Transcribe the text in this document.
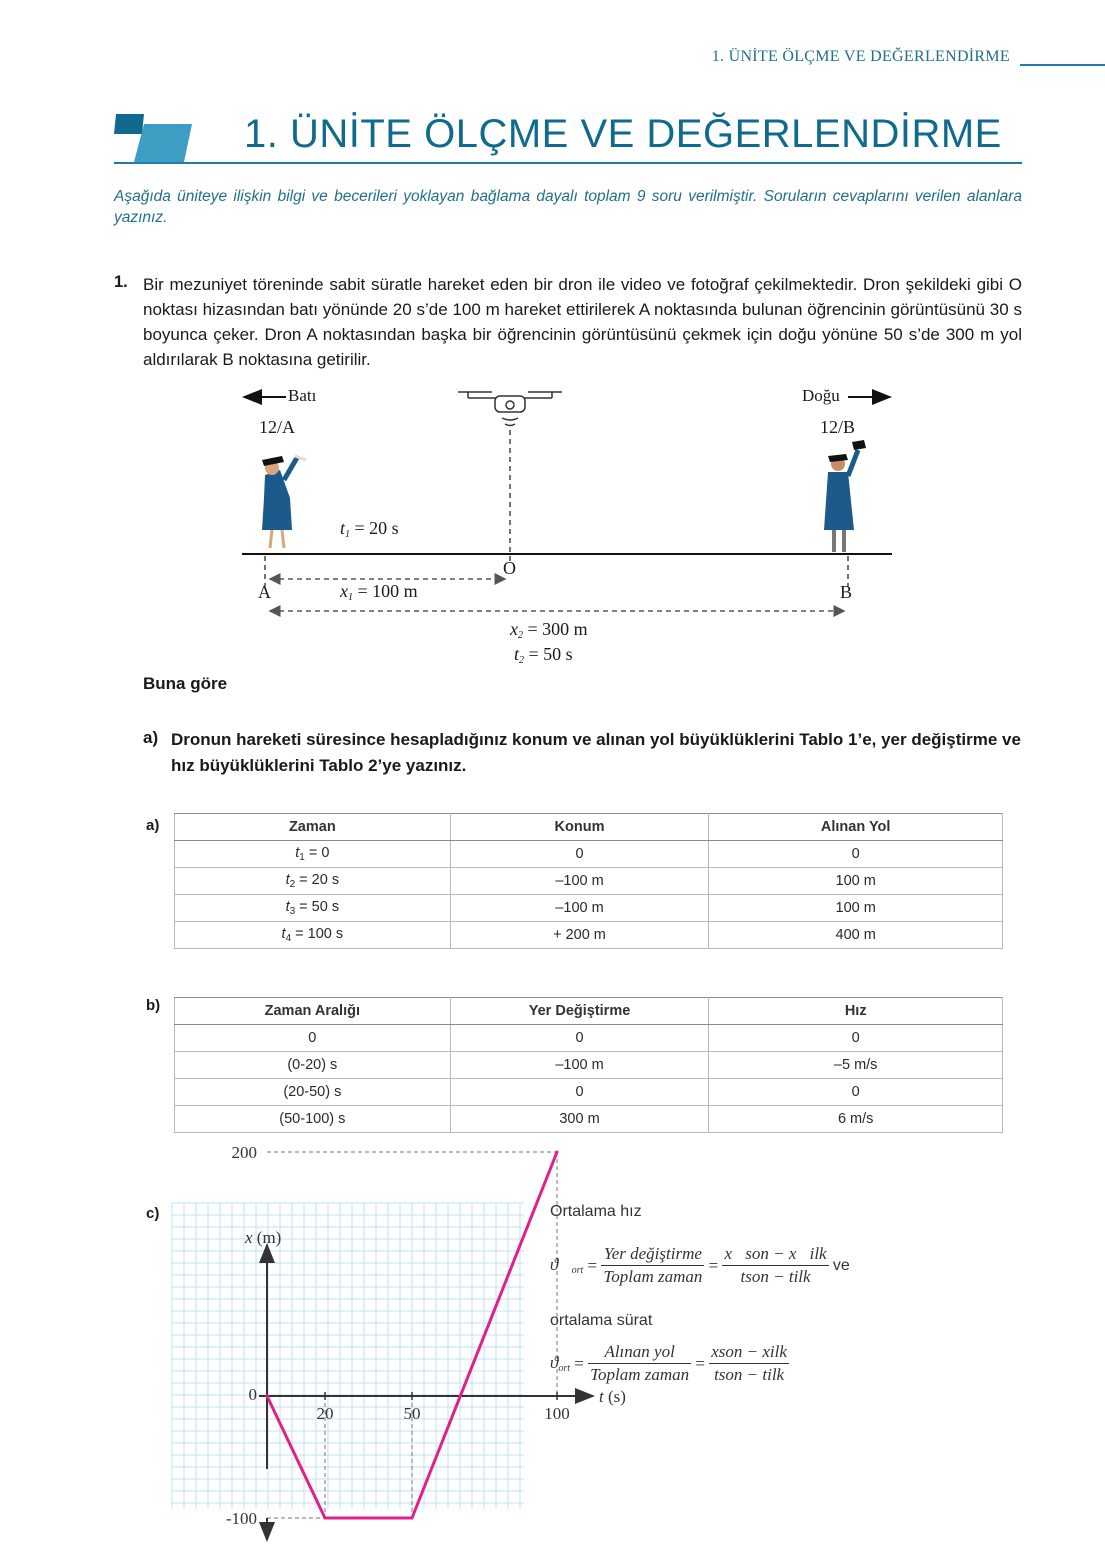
1. ÜNİTE ÖLÇME VE DEĞERLENDİRME
1. ÜNİTE ÖLÇME VE DEĞERLENDİRME
Aşağıda üniteye ilişkin bilgi ve becerileri yoklayan bağlama dayalı toplam 9 soru verilmiştir. Soruların cevaplarını verilen alanlara yazınız.
1. Bir mezuniyet töreninde sabit süratle hareket eden bir dron ile video ve fotoğraf çekilmektedir. Dron şekildeki gibi O noktası hizasından batı yönünde 20 s’de 100 m hareket ettirilerek A noktasında bulunan öğrencinin görüntüsünü 30 s boyunca çeker. Dron A noktasından başka bir öğrencinin görüntüsünü çekmek için doğu yönüne 50 s’de 300 m yol aldırılarak B noktasına getirilir.
Batı	Doğu
12/A	12/B
$t_1 = 20$ s
O
A	B
$x_1 = 100$ m
$x_2 = 300$ m
$t_2 = 50$ s
Buna göre
a) Dronun hareketi süresince hesapladığınız konum ve alınan yol büyüklüklerini Tablo 1’e, yer değiştirme ve hız büyüklüklerini Tablo 2’ye yazınız.
a)	Zaman	Konum	Alınan Yol
$t_1 = 0$	0	0
$t_2 = 20$ s	–100 m	100 m
$t_3 = 50$ s	–100 m	100 m
$t_4 = 100$ s	+ 200 m	400 m
b)	Zaman Aralığı	Yer Değiştirme	Hız
0	0	0
(0-20) s	–100 m	–5 m/s
(20-50) s	0	0
(50-100) s	300 m	6 m/s
c)
20	50	100
200
0
-100
x (m)
t (s)
Ortalama hız
$ϑ⃗_{ort} = \frac{\text{Yer değiştirme}}{\text{Toplam zaman}} = \frac{\text{x⃗son − x⃗ilk}}{\text{tson − tilk}}$ ve
ortalama sürat
$ϑ_{ort} = \frac{\text{Alınan yol}}{\text{Toplam zaman}} = \frac{\text{xson − xilk}}{\text{tson − tilk}}$
